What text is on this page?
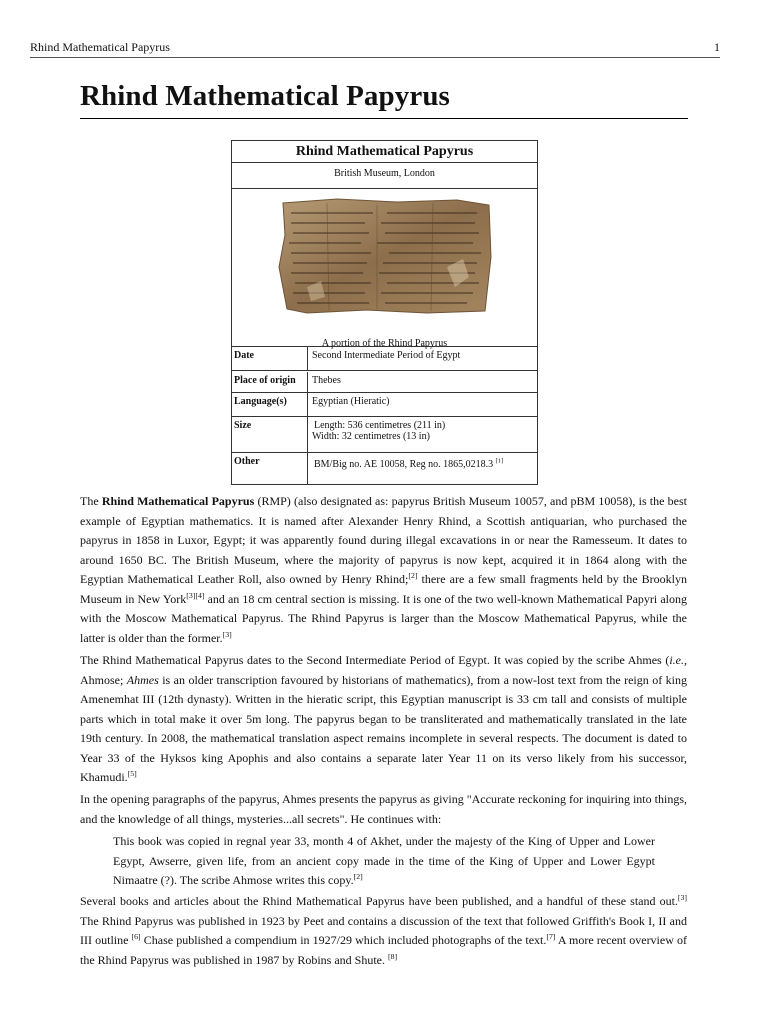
Rhind Mathematical Papyrus	1
Rhind Mathematical Papyrus
Rhind Mathematical Papyrus
British Museum, London
A portion of the Rhind Papyrus
Date	Second Intermediate Period of Egypt
Place of origin	Thebes
Language(s)	Egyptian (Hieratic)
Size	Length: 536 centimetres (211 in)
Width: 32 centimetres (13 in)
Other	BM/Big no. AE 10058, Reg no. 1865,0218.3 [1]

The Rhind Mathematical Papyrus (RMP) (also designated as: papyrus British Museum 10057, and pBM 10058), is the best example of Egyptian mathematics. It is named after Alexander Henry Rhind, a Scottish antiquarian, who purchased the papyrus in 1858 in Luxor, Egypt; it was apparently found during illegal excavations in or near the Ramesseum. It dates to around 1650 BC. The British Museum, where the majority of papyrus is now kept, acquired it in 1864 along with the Egyptian Mathematical Leather Roll, also owned by Henry Rhind;[2] there are a few small fragments held by the Brooklyn Museum in New York[3][4] and an 18 cm central section is missing. It is one of the two well-known Mathematical Papyri along with the Moscow Mathematical Papyrus. The Rhind Papyrus is larger than the Moscow Mathematical Papyrus, while the latter is older than the former.[3]

The Rhind Mathematical Papyrus dates to the Second Intermediate Period of Egypt. It was copied by the scribe Ahmes (i.e., Ahmose; Ahmes is an older transcription favoured by historians of mathematics), from a now-lost text from the reign of king Amenemhat III (12th dynasty). Written in the hieratic script, this Egyptian manuscript is 33 cm tall and consists of multiple parts which in total make it over 5m long. The papyrus began to be transliterated and mathematically translated in the late 19th century. In 2008, the mathematical translation aspect remains incomplete in several respects. The document is dated to Year 33 of the Hyksos king Apophis and also contains a separate later Year 11 on its verso likely from his successor, Khamudi.[5]

In the opening paragraphs of the papyrus, Ahmes presents the papyrus as giving "Accurate reckoning for inquiring into things, and the knowledge of all things, mysteries...all secrets". He continues with:

This book was copied in regnal year 33, month 4 of Akhet, under the majesty of the King of Upper and Lower Egypt, Awserre, given life, from an ancient copy made in the time of the King of Upper and Lower Egypt Nimaatre (?). The scribe Ahmose writes this copy.[2]

Several books and articles about the Rhind Mathematical Papyrus have been published, and a handful of these stand out.[3] The Rhind Papyrus was published in 1923 by Peet and contains a discussion of the text that followed Griffith's Book I, II and III outline [6] Chase published a compendium in 1927/29 which included photographs of the text.[7] A more recent overview of the Rhind Papyrus was published in 1987 by Robins and Shute. [8]
